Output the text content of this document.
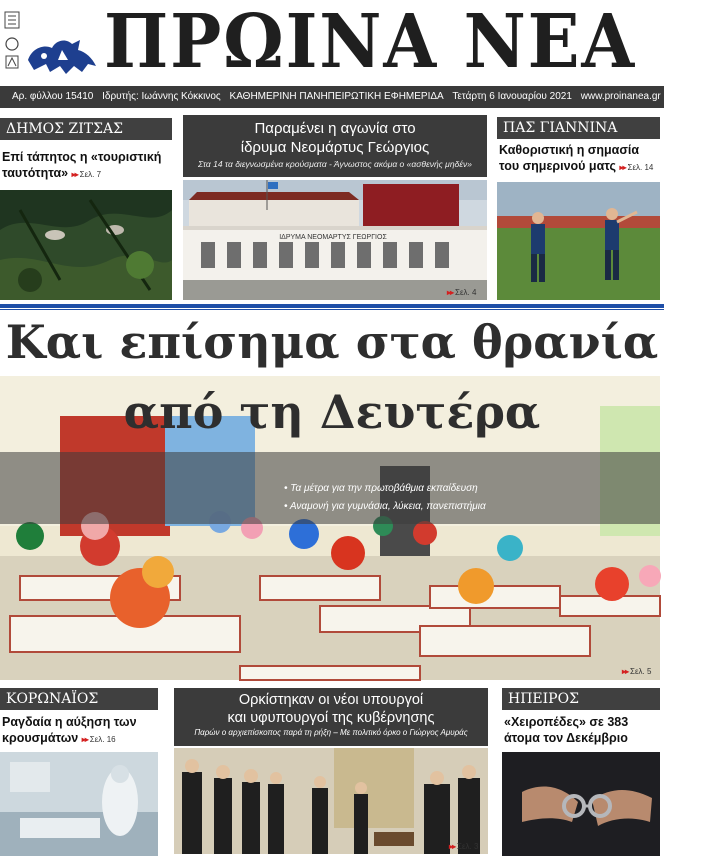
ΠΡΩΙΝΑ ΝΕΑ
Αρ. φύλλου 15410 Ιδρυτής: Ιωάννης Κόκκινος ΚΑΘΗΜΕΡΙΝΗ ΠΑΝΗΠΕΙΡΩΤΙΚΗ ΕΦΗΜΕΡΙΔΑ Τετάρτη 6 Ιανουαρίου 2021 www.proinanea.gr €0,50
ΔΗΜΟΣ ΖΙΤΣΑΣ
Επί τάπητος η «τουριστική ταυτότητα» ▸▸ Σελ. 7
Παραμένει η αγωνία στο
ίδρυμα Νεομάρτυς Γεώργιος
Στα 14 τα διεγνωσμένα κρούσματα - Άγνωστος ακόμα ο «ασθενής μηδέν»
ΙΔΡΥΜΑ ΝΕΟΜΑΡΤΥΣ ΓΕΩΡΓΙΟΣ
▸▸ Σελ. 4
ΠΑΣ ΓΙΑΝΝΙΝΑ
Καθοριστική η σημασία του σημερινού ματς ▸▸ Σελ. 14
Και επίσημα στα θρανία
από τη Δευτέρα
• Τα μέτρα για την πρωτοβάθμια εκπαίδευση
• Αναμονή για γυμνάσια, λύκεια, πανεπιστήμια
▸▸ Σελ. 5
ΚΟΡΩΝΑΪΟΣ
Ραγδαία η αύξηση των κρουσμάτων ▸▸ Σελ. 16
Ορκίστηκαν οι νέοι υπουργοί
και υφυπουργοί της κυβέρνησης
Παρών ο αρχιεπίσκοπος παρά τη ρήξη – Με πολιτικό όρκο ο Γιώργος Αμυράς
▸▸ Σελ. 3
ΗΠΕΙΡΟΣ
«Χειροπέδες» σε 383 άτομα τον Δεκέμβριο
